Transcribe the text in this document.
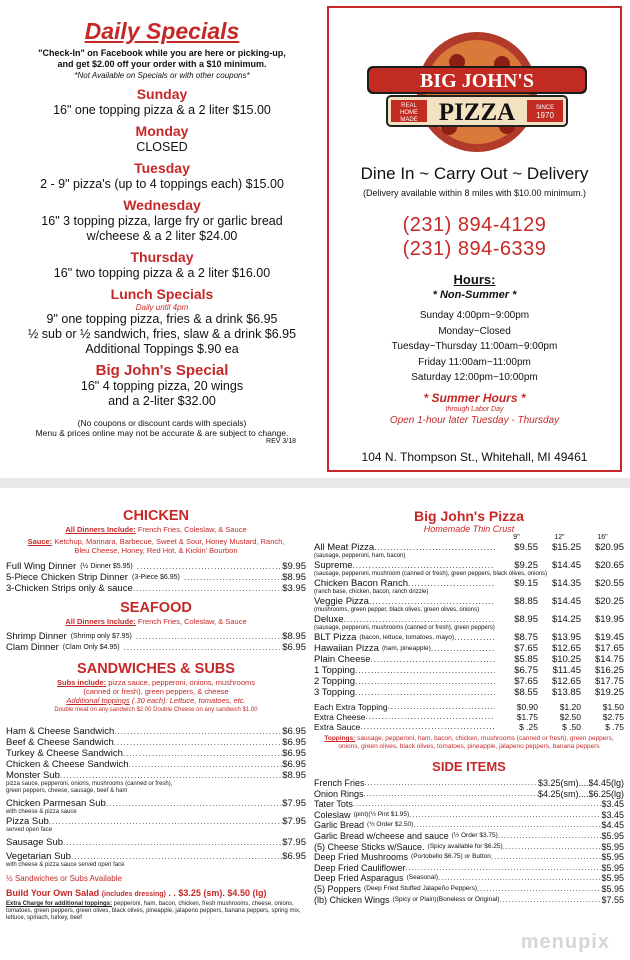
Daily Specials
"Check-In" on Facebook while you are here or picking-up,
and get $2.00 off your order with a $10 minimum.
*Not Available on Specials or with other coupons*
Sunday
16" one topping pizza & a 2 liter $15.00
Monday
CLOSED
Tuesday
2 - 9" pizza's (up to 4 toppings each) $15.00
Wednesday
16" 3 topping pizza, large fry or garlic bread
w/cheese & a 2 liter $24.00
Thursday
16" two topping pizza & a 2 liter $16.00
Lunch Specials
Daily until 4pm
9" one topping pizza, fries & a drink $6.95
½ sub or ½ sandwich, fries, slaw & a drink $6.95
Additional Toppings $.90 ea
Big John's Special
16" 4 topping pizza, 20 wings
and a 2-liter $32.00
(No coupons or discount cards with specials)
Menu & prices online may not be accurate & are subject to change.
REV 3/18
BIG JOHN'S
PIZZA
REAL
HOME
MADE
SINCE
1970
Dine In ~ Carry Out ~ Delivery
(Delivery available within 8 miles with $10.00 minimum.)
(231) 894-4129
(231) 894-6339
Hours:
* Non-Summer *
Sunday 4:00pm~9:00pm
Monday~Closed
Tuesday~Thursday 11:00am~9:00pm
Friday 11:00am~11:00pm
Saturday 12:00pm~10:00pm
* Summer Hours *
through Labor Day
Open 1-hour later Tuesday - Thursday
104 N. Thompson St., Whitehall, MI 49461
CHICKEN
All Dinners Include: French Fries, Coleslaw, & Sauce
Sauce: Ketchup, Marinara, Barbecue, Sweet & Sour, Honey Mustard, Ranch, Bleu Cheese, Honey, Red Hot, & Kickin' Bourbon
Full Wing Dinner (½ Dinner $5.95) .....	$9.95
5-Piece Chicken Strip Dinner (3-Piece $6.95) .....	$8.95
3-Chicken Strips only & sauce .....	$3.95
SEAFOOD
All Dinners Include: French Fries, Coleslaw, & Sauce
Shrimp Dinner (Shrimp only $7.95) .....	$8.95
Clam Dinner (Clam Only $4.95) .....	$6.95
SANDWICHES & SUBS
Subs include: pizza sauce, pepperoni, onions, mushrooms (canned or fresh), green peppers, & cheese
Additional toppings (.30 each): Lettuce, tomatoes, etc.
Double meat on any sandwich $2.00 Double Cheese on any sandwich $1.00
Ham & Cheese Sandwich .....	$6.95
Beef & Cheese Sandwich .....	$6.95
Turkey & Cheese Sandwich .....	$6.95
Chicken & Cheese Sandwich .....	$6.95
Monster Sub .....	$8.95
pizza sauce, pepperoni, onions, mushrooms (canned or fresh), green peppers, cheese, sausage, beef & ham
Chicken Parmesan Sub .....	$7.95
with cheese & pizza sauce
Pizza Sub .....	$7.95
served open face
Sausage Sub .....	$7.95
Vegetarian Sub .....	$6.95
with cheese & pizza sauce served open face
½ Sandwiches or Subs Available
Build Your Own Salad (includes dressing) . . $3.25 (sm). $4.50 (lg)
Extra Charge for additional toppings: pepperoni, ham, bacon, chicken, fresh mushrooms, cheese, onions, tomatoes, green peppers, green olives, black olives, pineapple, jalapeno peppers, banana peppers, spring mix, lettuce, spinach, turkey, beef
Big John's Pizza
Homemade Thin Crust
9"	12"	16"
All Meat Pizza .....	$9.55	$15.25	$20.95
(sausage, pepperoni, ham, bacon)
Supreme .....	$9.25	$14.45	$20.65
(sausage, pepperoni, mushroom (canned or fresh), green peppers, black olives, onions)
Chicken Bacon Ranch .....	$9.15	$14.35	$20.55
(ranch base, chicken, bacon, ranch drizzle)
Veggie Pizza .....	$8.85	$14.45	$20.25
(mushrooms, green pepper, black olives, green olives, onions)
Deluxe .....	$8.95	$14.25	$19.95
(sausage, pepperoni, mushrooms (canned or fresh), green peppers)
BLT Pizza (bacon, lettuce, tomatoes, mayo) .....	$8.75	$13.95	$19.45
Hawaiian Pizza (ham, pineapple) .....	$7.65	$12.65	$17.65
Plain Cheese .....	$5.85	$10.25	$14.75
1 Topping .....	$6.75	$11.45	$16.25
2 Topping .....	$7.65	$12.65	$17.75
3 Topping .....	$8.55	$13.85	$19.25
Each Extra Topping .....	$0.90	$1.20	$1.50
Extra Cheese .....	$1.75	$2.50	$2.75
Extra Sauce .....	$ .25	$ .50	$ .75
Toppings: sausage, pepperoni, ham, bacon, chicken, mushrooms (canned or fresh), green peppers, onions, green olives, black olives, tomatoes, pineapple, jalapeno peppers, banana peppers
SIDE ITEMS
French Fries .....	$3.25(sm)....$4.45(lg)
Onion Rings .....	$4.25(sm)....$6.25(lg)
Tater Tots .....	$3.45
Coleslaw (pint)(½ Pint $1.95) .....	$3.45
Garlic Bread (½ Order $2.50) .....	$4.45
Garlic Bread w/cheese and sauce (½ Order $3.75) .....	$5.95
(5) Cheese Sticks w/Sauce. (Spicy available for $6.25) .....	$5.95
Deep Fried Mushrooms (Portobello $6.75) or Button .....	$5.95
Deep Fried Cauliflower .....	$5.95
Deep Fried Asparagus (Seasonal) .....	$5.95
(5) Poppers (Deep Fried Stuffed Jalapeño Peppers) .....	$5.95
(lb) Chicken Wings (Spicy or Plain)(Boneless or Original) .....	$7.55
menupix
